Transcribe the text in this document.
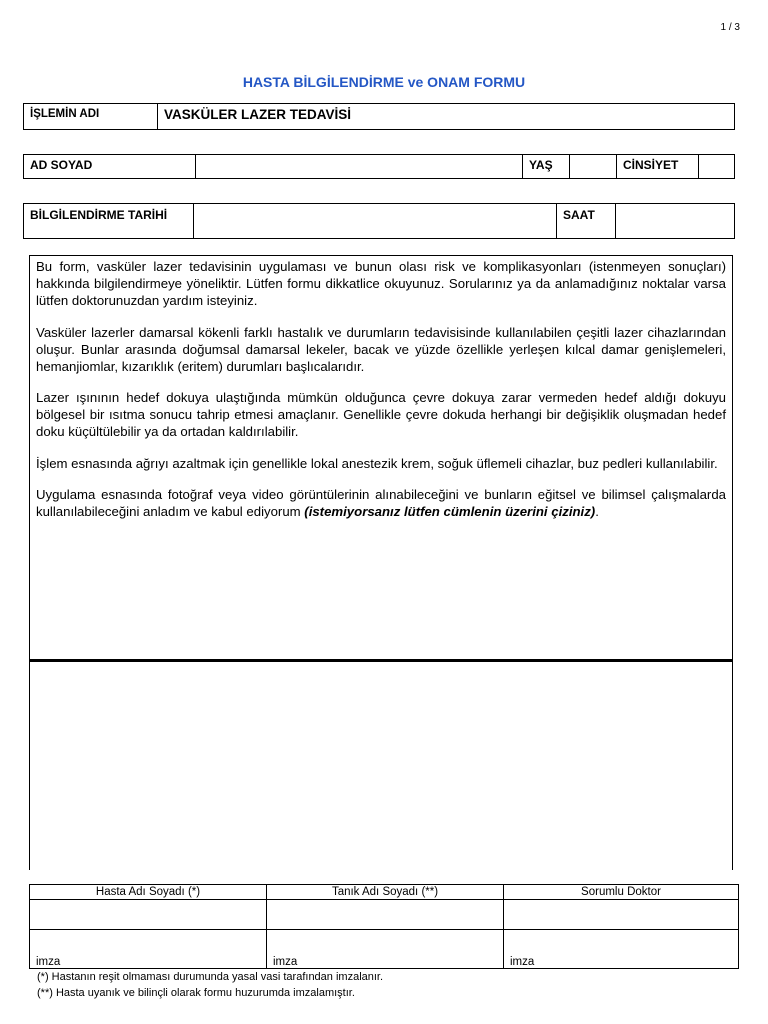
1 / 3
HASTA BİLGİLENDİRME ve ONAM FORMU
İŞLEMİN ADI	VASKÜLER LAZER TEDAVİSİ
AD SOYAD	YAŞ	CİNSİYET
BİLGİLENDİRME TARİHİ	SAAT

Bu form, vasküler lazer tedavisinin uygulaması ve bunun olası risk ve komplikasyonları (istenmeyen sonuçları) hakkında bilgilendirmeye yöneliktir. Lütfen formu dikkatlice okuyunuz. Sorularınız ya da anlamadığınız noktalar varsa lütfen doktorunuzdan yardım isteyiniz.

Vasküler lazerler damarsal kökenli farklı hastalık ve durumların tedavisisinde kullanılabilen çeşitli lazer cihazlarından oluşur. Bunlar arasında doğumsal damarsal lekeler, bacak ve yüzde özellikle yerleşen kılcal damar genişlemeleri, hemanjiomlar, kızarıklık (eritem) durumları başlıcalarıdır.

Lazer ışınının hedef dokuya ulaştığında mümkün olduğunca çevre dokuya zarar vermeden hedef aldığı dokuyu bölgesel bir ısıtma sonucu tahrip etmesi amaçlanır. Genellikle çevre dokuda herhangi bir değişiklik oluşmadan hedef doku küçültülebilir ya da ortadan kaldırılabilir.

İşlem esnasında ağrıyı azaltmak için genellikle lokal anestezik krem, soğuk üflemeli cihazlar, buz pedleri kullanılabilir.

Uygulama esnasında fotoğraf veya video görüntülerinin alınabileceğini ve bunların eğitsel ve bilimsel çalışmalarda kullanılabileceğini anladım ve kabul ediyorum (istemiyorsanız lütfen cümlenin üzerini çiziniz).

Hasta Adı Soyadı (*)	Tanık Adı Soyadı (**)	Sorumlu Doktor

imza	imza	imza
(*) Hastanın reşit olmaması durumunda yasal vasi tarafından imzalanır.
(**) Hasta uyanık ve bilinçli olarak formu huzurumda imzalamıştır.
